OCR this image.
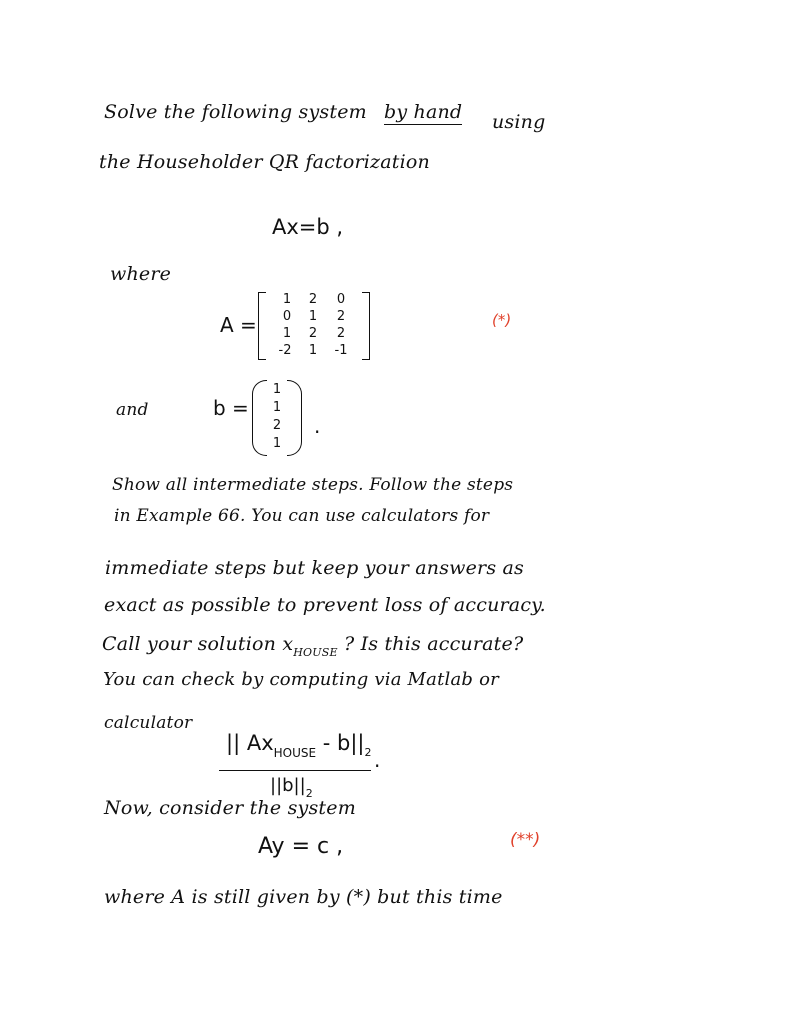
Solve the following system by hand using
the Householder QR factorization
Ax=b ,
where
A =
1	2	0
0	1	2
1	2	2
-2	1	-1
(*)
and	b =
1
1
2
1
.
Show all intermediate steps. Follow the steps
in Example 66. You can use calculators for
immediate steps but keep your answers as
exact as possible to prevent loss of accuracy.
Call your solution $x_{HOUSE}$ ? Is this accurate?
You can check by computing via Matlab or
calculator
|| $Ax_{HOUSE} - b||_2$ .
$||b||_2$
Now, consider the system
Ay = c ,	(**)
where A is still given by (*) but this time
